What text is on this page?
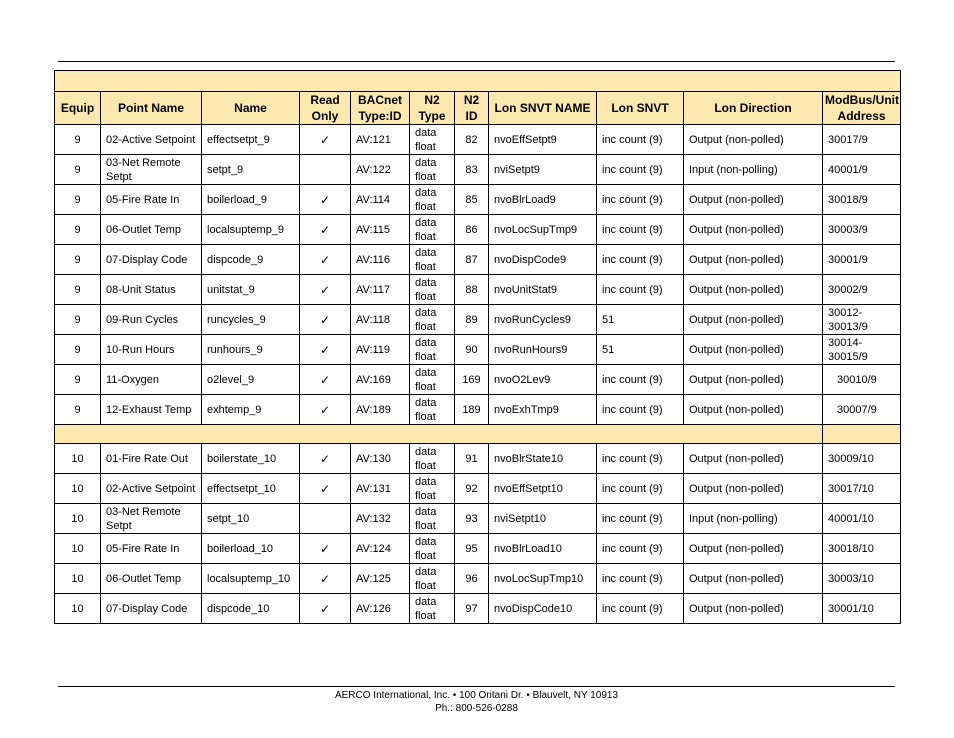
Equip	Point Name	Name	Read Only	BACnet Type:ID	N2 Type	N2 ID	Lon SNVT NAME	Lon SNVT	Lon Direction	ModBus/Unit Address
9	02-Active Setpoint	effectsetpt_9	✓	AV:121	data float	82	nvoEffSetpt9	inc count (9)	Output (non-polled)	30017/9
9	03-Net Remote Setpt	setpt_9		AV:122	data float	83	nviSetpt9	inc count (9)	Input (non-polling)	40001/9
9	05-Fire Rate In	boilerload_9	✓	AV:114	data float	85	nvoBlrLoad9	inc count (9)	Output (non-polled)	30018/9
9	06-Outlet Temp	localsuptemp_9	✓	AV:115	data float	86	nvoLocSupTmp9	inc count (9)	Output (non-polled)	30003/9
9	07-Display Code	dispcode_9	✓	AV:116	data float	87	nvoDispCode9	inc count (9)	Output (non-polled)	30001/9
9	08-Unit Status	unitstat_9	✓	AV:117	data float	88	nvoUnitStat9	inc count (9)	Output (non-polled)	30002/9
9	09-Run Cycles	runcycles_9	✓	AV:118	data float	89	nvoRunCycles9	51	Output (non-polled)	30012-30013/9
9	10-Run Hours	runhours_9	✓	AV:119	data float	90	nvoRunHours9	51	Output (non-polled)	30014-30015/9
9	11-Oxygen	o2level_9	✓	AV:169	data float	169	nvoO2Lev9	inc count (9)	Output (non-polled)	30010/9
9	12-Exhaust Temp	exhtemp_9	✓	AV:189	data float	189	nvoExhTmp9	inc count (9)	Output (non-polled)	30007/9

10	01-Fire Rate Out	boilerstate_10	✓	AV:130	data float	91	nvoBlrState10	inc count (9)	Output (non-polled)	30009/10
10	02-Active Setpoint	effectsetpt_10	✓	AV:131	data float	92	nvoEffSetpt10	inc count (9)	Output (non-polled)	30017/10
10	03-Net Remote Setpt	setpt_10		AV:132	data float	93	nviSetpt10	inc count (9)	Input (non-polling)	40001/10
10	05-Fire Rate In	boilerload_10	✓	AV:124	data float	95	nvoBlrLoad10	inc count (9)	Output (non-polled)	30018/10
10	06-Outlet Temp	localsuptemp_10	✓	AV:125	data float	96	nvoLocSupTmp10	inc count (9)	Output (non-polled)	30003/10
10	07-Display Code	dispcode_10	✓	AV:126	data float	97	nvoDispCode10	inc count (9)	Output (non-polled)	30001/10
AERCO International, Inc. • 100 Oritani Dr. • Blauvelt, NY 10913
Ph.: 800-526-0288
